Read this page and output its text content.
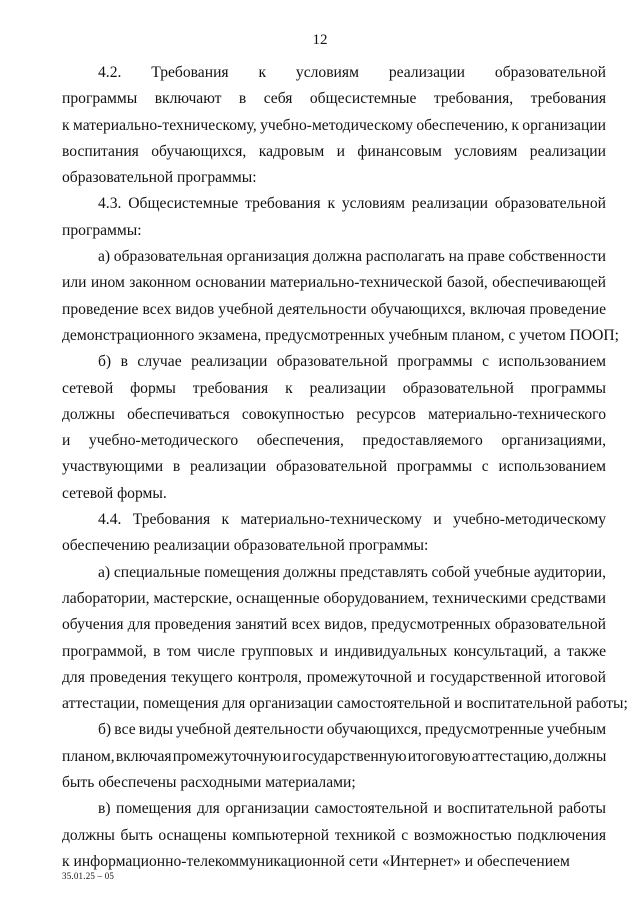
12
4.2. Требования к условиям реализации образовательной
программы включают в себя общесистемные требования, требования
к материально-техническому, учебно-методическому обеспечению, к организации
воспитания обучающихся, кадровым и финансовым условиям реализации
образовательной программы:
4.3. Общесистемные требования к условиям реализации образовательной
программы:
а) образовательная организация должна располагать на праве собственности
или ином законном основании материально-технической базой, обеспечивающей
проведение всех видов учебной деятельности обучающихся, включая проведение
демонстрационного экзамена, предусмотренных учебным планом, с учетом ПООП;
б) в случае реализации образовательной программы с использованием
сетевой формы требования к реализации образовательной программы
должны обеспечиваться совокупностью ресурсов материально-технического
и учебно-методического обеспечения, предоставляемого организациями,
участвующими в реализации образовательной программы с использованием
сетевой формы.
4.4. Требования к материально-техническому и учебно-методическому
обеспечению реализации образовательной программы:
а) специальные помещения должны представлять собой учебные аудитории,
лаборатории, мастерские, оснащенные оборудованием, техническими средствами
обучения для проведения занятий всех видов, предусмотренных образовательной
программой, в том числе групповых и индивидуальных консультаций, а также
для проведения текущего контроля, промежуточной и государственной итоговой
аттестации, помещения для организации самостоятельной и воспитательной работы;
б) все виды учебной деятельности обучающихся, предусмотренные учебным
планом, включая промежуточную и государственную итоговую аттестацию, должны
быть обеспечены расходными материалами;
в) помещения для организации самостоятельной и воспитательной работы
должны быть оснащены компьютерной техникой с возможностью подключения
к информационно-телекоммуникационной сети «Интернет» и обеспечением
35.01.25 – 05
